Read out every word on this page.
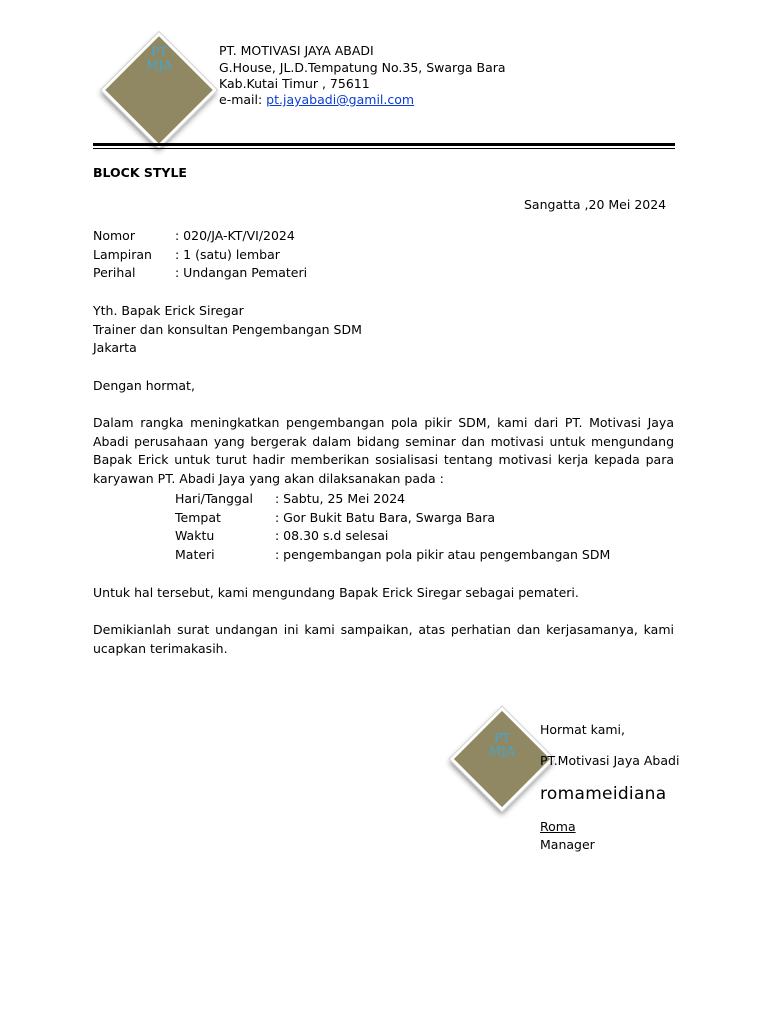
PT
MJA
PT. MOTIVASI JAYA ABADI
G.House, JL.D.Tempatung No.35, Swarga Bara
Kab.Kutai Timur , 75611
e-mail: pt.jayabadi@gamil.com
BLOCK STYLE
Sangatta ,20 Mei 2024
Nomor	: 020/JA-KT/VI/2024
Lampiran : 1 (satu) lembar
Perihal	: Undangan Pemateri
Yth. Bapak Erick Siregar
Trainer dan konsultan Pengembangan SDM
Jakarta
Dengan hormat,
Dalam rangka meningkatkan pengembangan pola pikir SDM, kami dari PT. Motivasi Jaya Abadi perusahaan yang bergerak dalam bidang seminar dan motivasi untuk mengundang Bapak Erick untuk turut hadir memberikan sosialisasi tentang motivasi kerja kepada para karyawan PT. Abadi Jaya yang akan dilaksanakan pada :
Hari/Tanggal : Sabtu, 25 Mei 2024
Tempat	: Gor Bukit Batu Bara, Swarga Bara
Waktu	: 08.30 s.d selesai
Materi	: pengembangan pola pikir atau pengembangan SDM
Untuk hal tersebut, kami mengundang Bapak Erick Siregar sebagai pemateri.
Demikianlah surat undangan ini kami sampaikan, atas perhatian dan kerjasamanya, kami ucapkan terimakasih.
PT
MJA
Hormat kami,
PT.Motivasi Jaya Abadi
romameidiana
Roma
Manager
